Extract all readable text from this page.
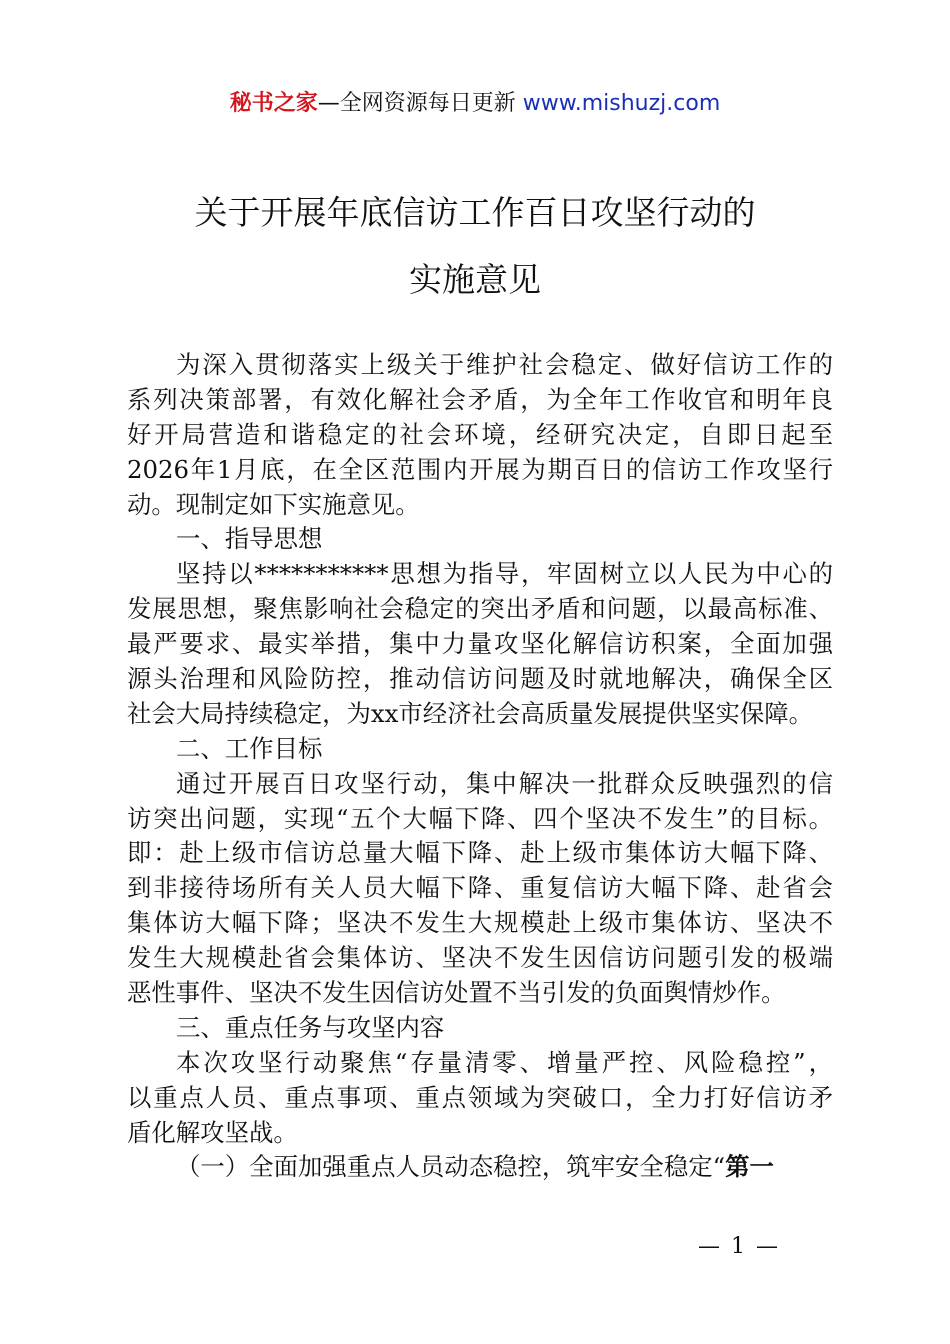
秘书之家—全网资源每日更新 www.mishuzj.com
关于开展年底信访工作百日攻坚行动的
实施意见
为深入贯彻落实上级关于维护社会稳定、做好信访工作的
系列决策部署，有效化解社会矛盾，为全年工作收官和明年良
好开局营造和谐稳定的社会环境，经研究决定，自即日起至
2026年1月底，在全区范围内开展为期百日的信访工作攻坚行
动。现制定如下实施意见。
一、指导思想
坚持以***********思想为指导，牢固树立以人民为中心的
发展思想，聚焦影响社会稳定的突出矛盾和问题，以最高标准、
最严要求、最实举措，集中力量攻坚化解信访积案，全面加强
源头治理和风险防控，推动信访问题及时就地解决，确保全区
社会大局持续稳定，为xx市经济社会高质量发展提供坚实保障。
二、工作目标
通过开展百日攻坚行动，集中解决一批群众反映强烈的信
访突出问题，实现“五个大幅下降、四个坚决不发生”的目标。
即：赴上级市信访总量大幅下降、赴上级市集体访大幅下降、
到非接待场所有关人员大幅下降、重复信访大幅下降、赴省会
集体访大幅下降；坚决不发生大规模赴上级市集体访、坚决不
发生大规模赴省会集体访、坚决不发生因信访问题引发的极端
恶性事件、坚决不发生因信访处置不当引发的负面舆情炒作。
三、重点任务与攻坚内容
本次攻坚行动聚焦“存量清零、增量严控、风险稳控”，
以重点人员、重点事项、重点领域为突破口，全力打好信访矛
盾化解攻坚战。
（一）全面加强重点人员动态稳控，筑牢安全稳定“第一
— 1 —
